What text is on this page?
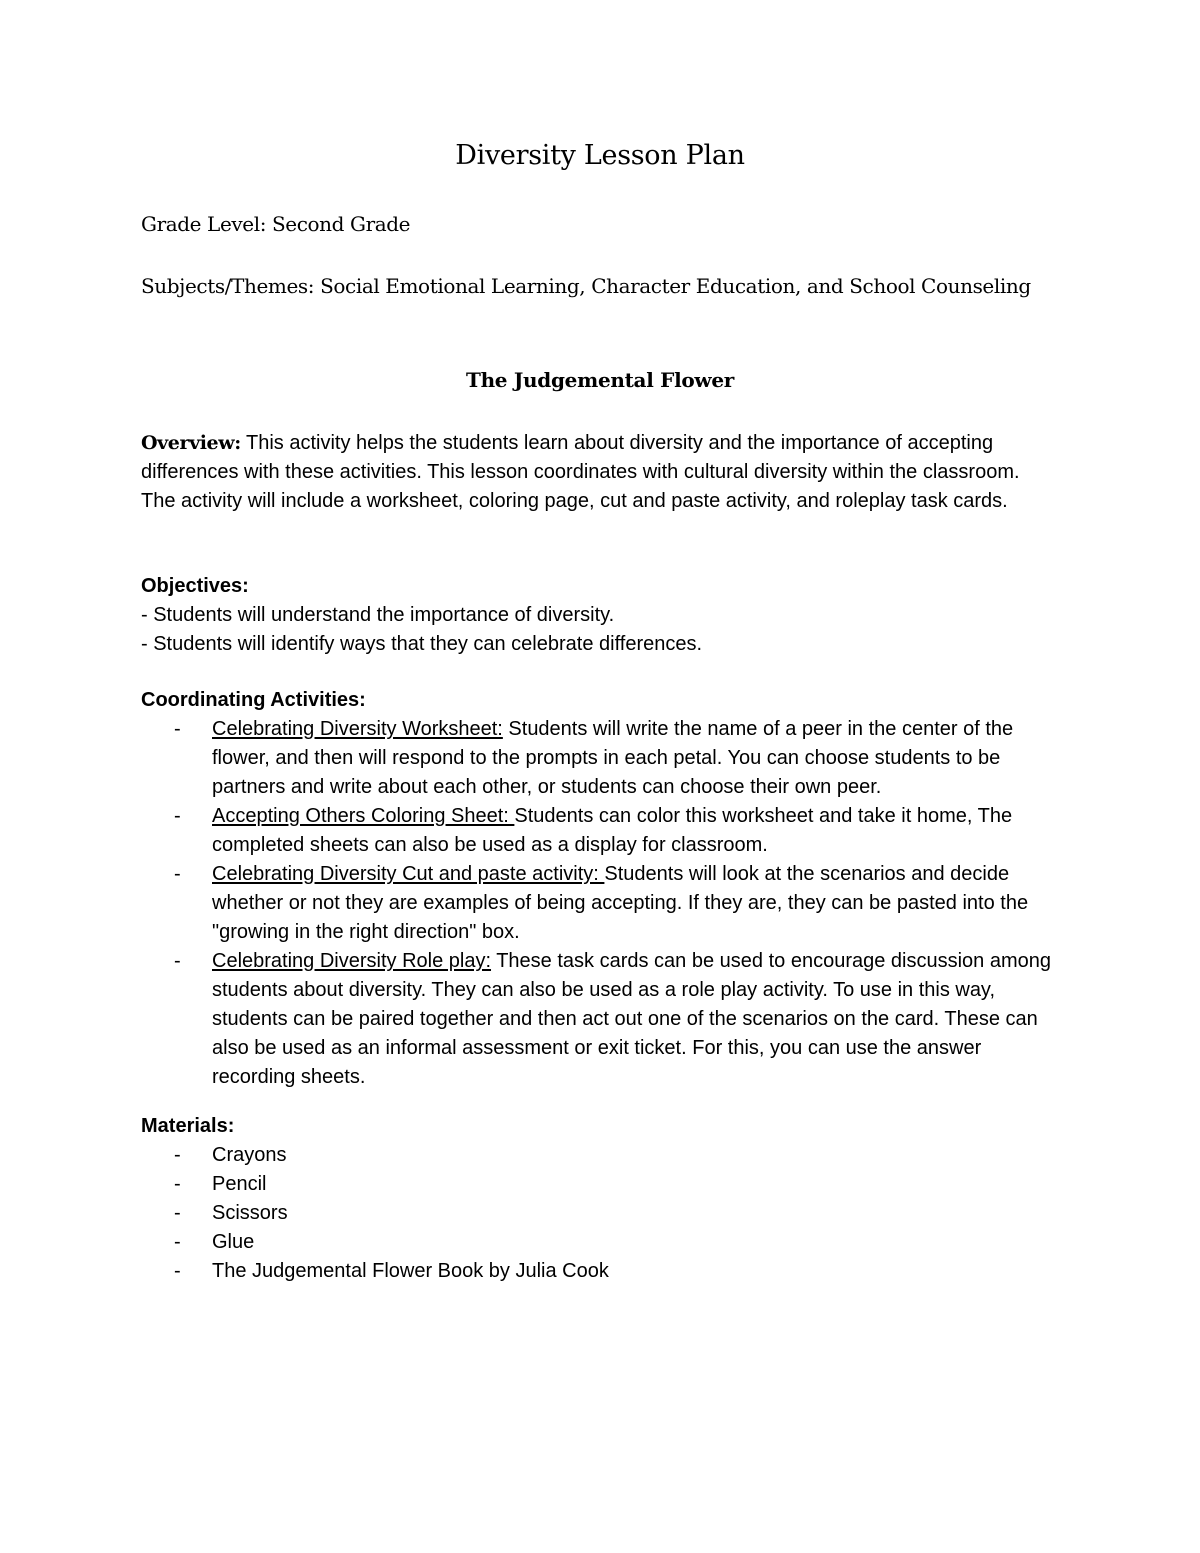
Diversity Lesson Plan

Grade Level: Second Grade

Subjects/Themes: Social Emotional Learning, Character Education, and School Counseling

The Judgemental Flower

Overview: This activity helps the students learn about diversity and the importance of accepting differences with these activities. This lesson coordinates with cultural diversity within the classroom. The activity will include a worksheet, coloring page, cut and paste activity, and roleplay task cards.

Objectives:

- Students will understand the importance of diversity.

- Students will identify ways that they can celebrate differences.

Coordinating Activities:

- Celebrating Diversity Worksheet: Students will write the name of a peer in the center of the flower, and then will respond to the prompts in each petal. You can choose students to be partners and write about each other, or students can choose their own peer.
- Accepting Others Coloring Sheet: Students can color this worksheet and take it home, The completed sheets can also be used as a display for classroom.
- Celebrating Diversity Cut and paste activity: Students will look at the scenarios and decide whether or not they are examples of being accepting. If they are, they can be pasted into the "growing in the right direction" box.
- Celebrating Diversity Role play: These task cards can be used to encourage discussion among students about diversity. They can also be used as a role play activity. To use in this way, students can be paired together and then act out one of the scenarios on the card. These can also be used as an informal assessment or exit ticket. For this, you can use the answer recording sheets.

Materials:

- Crayons
- Pencil
- Scissors
- Glue
- The Judgemental Flower Book by Julia Cook
